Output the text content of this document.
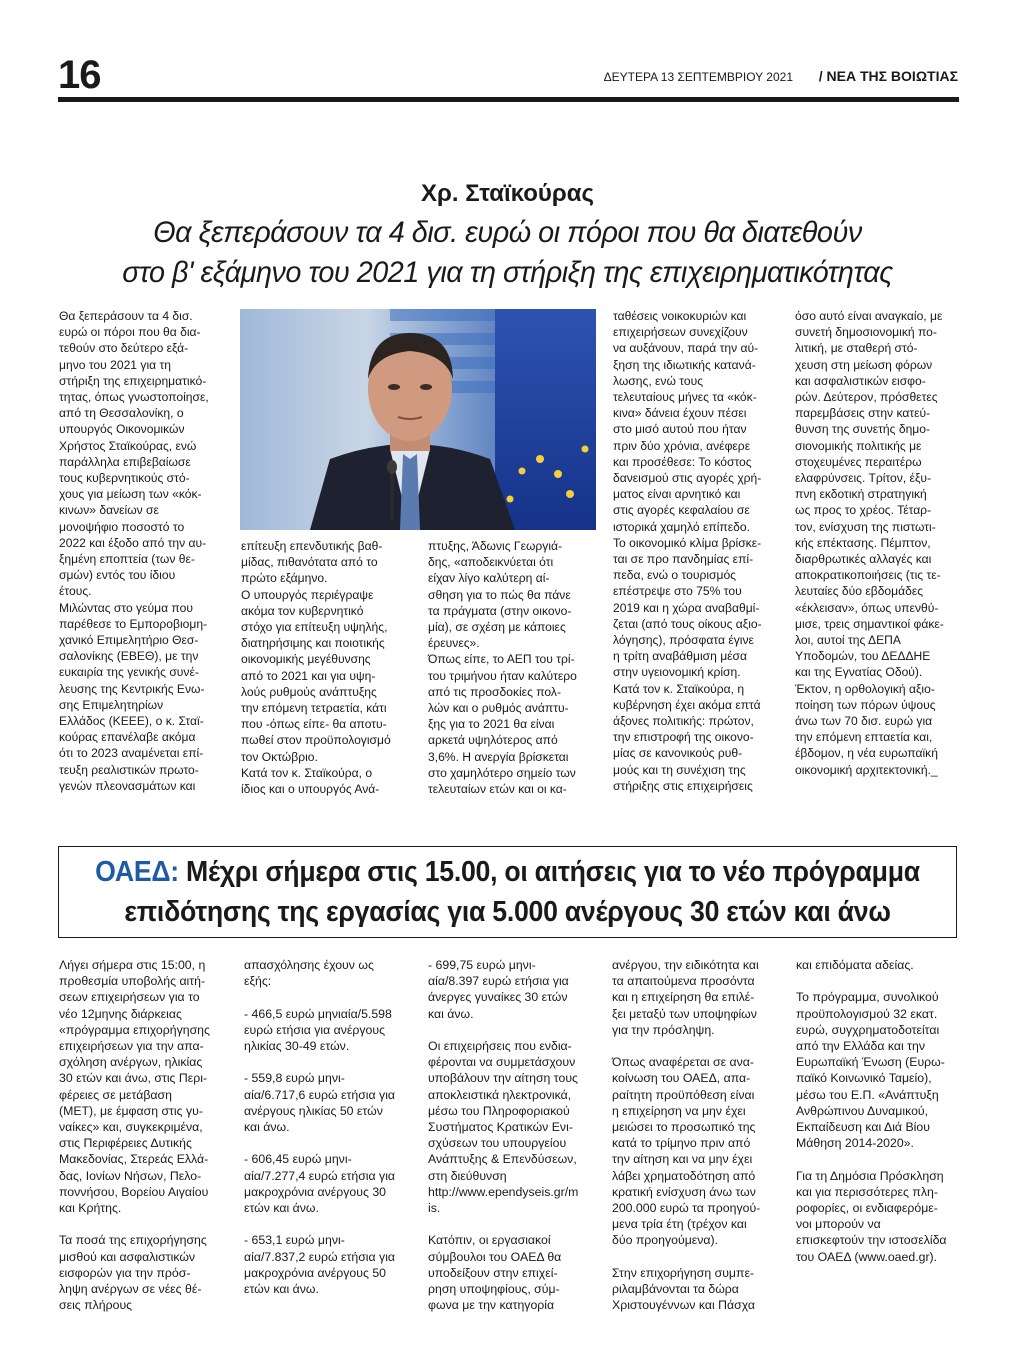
16	ΔΕΥΤΕΡΑ 13 ΣΕΠΤΕΜΒΡΙΟΥ 2021 / ΝΕΑ ΤΗΣ ΒΟΙΩΤΙΑΣ
Χρ. Σταϊκούρας
Θα ξεπεράσουν τα 4 δισ. ευρώ οι πόροι που θα διατεθούν
στο β' εξάμηνο του 2021 για τη στήριξη της επιχειρηματικότητας
Θα ξεπεράσουν τα 4 δισ.
ευρώ οι πόροι που θα δια-
τεθούν στο δεύτερο εξά-
μηνο του 2021 για τη
στήριξη της επιχειρηματικό-
τητας, όπως γνωστοποίησε,
από τη Θεσσαλονίκη, ο
υπουργός Οικονομικών
Χρήστος Σταϊκούρας, ενώ
παράλληλα επιβεβαίωσε
τους κυβερνητικούς στό-
χους για μείωση των «κόκ-
κινων» δανείων σε
μονοψήφιο ποσοστό το
2022 και έξοδο από την αυ-
ξημένη εποπτεία (των θε-
σμών) εντός του ίδιου
έτους.
Μιλώντας στο γεύμα που
παρέθεσε το Εμποροβιομη-
χανικό Επιμελητήριο Θεσ-
σαλονίκης (ΕΒΕΘ), με την
ευκαιρία της γενικής συνέ-
λευσης της Κεντρικής Ενω-
σης Επιμελητηρίων
Ελλάδος (ΚΕΕΕ), ο κ. Σταϊ-
κούρας επανέλαβε ακόμα
ότι το 2023 αναμένεται επί-
τευξη ρεαλιστικών πρωτο-
γενών πλεονασμάτων και
επίτευξη επενδυτικής βαθ-
μίδας, πιθανότατα από το
πρώτο εξάμηνο.
Ο υπουργός περιέγραψε
ακόμα τον κυβερνητικό
στόχο για επίτευξη υψηλής,
διατηρήσιμης και ποιοτικής
οικονομικής μεγέθυνσης
από το 2021 και για υψη-
λούς ρυθμούς ανάπτυξης
την επόμενη τετραετία, κάτι
που -όπως είπε- θα αποτυ-
πωθεί στον προϋπολογισμό
τον Οκτώβριο.
Κατά τον κ. Σταϊκούρα, ο
ίδιος και ο υπουργός Ανά-
πτυξης, Άδωνις Γεωργιά-
δης, «αποδεικνύεται ότι
είχαν λίγο καλύτερη αί-
σθηση για το πώς θα πάνε
τα πράγματα (στην οικονο-
μία), σε σχέση με κάποιες
έρευνες».
Όπως είπε, το ΑΕΠ του τρί-
του τριμήνου ήταν καλύτερο
από τις προσδοκίες πολ-
λών και ο ρυθμός ανάπτυ-
ξης για το 2021 θα είναι
αρκετά υψηλότερος από
3,6%. Η ανεργία βρίσκεται
στο χαμηλότερο σημείο των
τελευταίων ετών και οι κα-
ταθέσεις νοικοκυριών και
επιχειρήσεων συνεχίζουν
να αυξάνουν, παρά την αύ-
ξηση της ιδιωτικής κατανά-
λωσης, ενώ τους
τελευταίους μήνες τα «κόκ-
κινα» δάνεια έχουν πέσει
στο μισό αυτού που ήταν
πριν δύο χρόνια, ανέφερε
και προσέθεσε: Το κόστος
δανεισμού στις αγορές χρή-
ματος είναι αρνητικό και
στις αγορές κεφαλαίου σε
ιστορικά χαμηλό επίπεδο.
Το οικονομικό κλίμα βρίσκε-
ται σε προ πανδημίας επί-
πεδα, ενώ ο τουρισμός
επέστρεψε στο 75% του
2019 και η χώρα αναβαθμί-
ζεται (από τους οίκους αξιο-
λόγησης), πρόσφατα έγινε
η τρίτη αναβάθμιση μέσα
στην υγειονομική κρίση.
Κατά τον κ. Σταϊκούρα, η
κυβέρνηση έχει ακόμα επτά
άξονες πολιτικής: πρώτον,
την επιστροφή της οικονο-
μίας σε κανονικούς ρυθ-
μούς και τη συνέχιση της
στήριξης στις επιχειρήσεις
όσο αυτό είναι αναγκαίο, με
συνετή δημοσιονομική πο-
λιτική, με σταθερή στό-
χευση στη μείωση φόρων
και ασφαλιστικών εισφο-
ρών. Δεύτερον, πρόσθετες
παρεμβάσεις στην κατεύ-
θυνση της συνετής δημο-
σιονομικής πολιτικής με
στοχευμένες περαιτέρω
ελαφρύνσεις. Τρίτον, έξυ-
πνη εκδοτική στρατηγική
ως προς το χρέος. Τέταρ-
τον, ενίσχυση της πιστωτι-
κής επέκτασης. Πέμπτον,
διαρθρωτικές αλλαγές και
αποκρατικοποιήσεις (τις τε-
λευταίες δύο εβδομάδες
«έκλεισαν», όπως υπενθύ-
μισε, τρεις σημαντικοί φάκε-
λοι, αυτοί της ΔΕΠΑ
Υποδομών, του ΔΕΔΔΗΕ
και της Εγνατίας Οδού).
Έκτον, η ορθολογική αξιο-
ποίηση των πόρων ύψους
άνω των 70 δισ. ευρώ για
την επόμενη επταετία και,
έβδομον, η νέα ευρωπαϊκή
οικονομική αρχιτεκτονική._
ΟΑΕΔ: Μέχρι σήμερα στις 15.00, οι αιτήσεις για το νέο πρόγραμμα
επιδότησης της εργασίας για 5.000 ανέργους 30 ετών και άνω
Λήγει σήμερα στις 15:00, η
προθεσμία υποβολής αιτή-
σεων επιχειρήσεων για το
νέο 12μηνης διάρκειας
«πρόγραμμα επιχορήγησης
επιχειρήσεων για την απα-
σχόληση ανέργων, ηλικίας
30 ετών και άνω, στις Περι-
φέρειες σε μετάβαση
(ΜΕΤ), με έμφαση στις γυ-
ναίκες» και, συγκεκριμένα,
στις Περιφέρειες Δυτικής
Μακεδονίας, Στερεάς Ελλά-
δας, Ιονίων Νήσων, Πελο-
ποννήσου, Βορείου Αιγαίου
και Κρήτης.

Τα ποσά της επιχορήγησης
μισθού και ασφαλιστικών
εισφορών για την πρόσ-
ληψη ανέργων σε νέες θέ-
σεις πλήρους
απασχόλησης έχουν ως
εξής:

- 466,5 ευρώ μηνιαία/5.598
ευρώ ετήσια για ανέργους
ηλικίας 30-49 ετών.

- 559,8 ευρώ μηνι-
αία/6.717,6 ευρώ ετήσια για
ανέργους ηλικίας 50 ετών
και άνω.

- 606,45 ευρώ μηνι-
αία/7.277,4 ευρώ ετήσια για
μακροχρόνια ανέργους 30
ετών και άνω.

- 653,1 ευρώ μηνι-
αία/7.837,2 ευρώ ετήσια για
μακροχρόνια ανέργους 50
ετών και άνω.
- 699,75 ευρώ μηνι-
αία/8.397 ευρώ ετήσια για
άνεργες γυναίκες 30 ετών
και άνω.

Οι επιχειρήσεις που ενδια-
φέρονται να συμμετάσχουν
υποβάλουν την αίτηση τους
αποκλειστικά ηλεκτρονικά,
μέσω του Πληροφοριακού
Συστήματος Κρατικών Ενι-
σχύσεων του υπουργείου
Ανάπτυξης & Επενδύσεων,
στη διεύθυνση
http://www.ependyseis.gr/m
is.

Κατόπιν, οι εργασιακοί
σύμβουλοι του ΟΑΕΔ θα
υποδείξουν στην επιχεί-
ρηση υποψηφίους, σύμ-
φωνα με την κατηγορία
ανέργου, την ειδικότητα και
τα απαιτούμενα προσόντα
και η επιχείρηση θα επιλέ-
ξει μεταξύ των υποψηφίων
για την πρόσληψη.

Όπως αναφέρεται σε ανα-
κοίνωση του ΟΑΕΔ, απα-
ραίτητη προϋπόθεση είναι
η επιχείρηση να μην έχει
μειώσει το προσωπικό της
κατά το τρίμηνο πριν από
την αίτηση και να μην έχει
λάβει χρηματοδότηση από
κρατική ενίσχυση άνω των
200.000 ευρώ τα προηγού-
μενα τρία έτη (τρέχον και
δύο προηγούμενα).

Στην επιχορήγηση συμπε-
ριλαμβάνονται τα δώρα
Χριστουγέννων και Πάσχα
και επιδόματα αδείας.

Το πρόγραμμα, συνολικού
προϋπολογισμού 32 εκατ.
ευρώ, συγχρηματοδοτείται
από την Ελλάδα και την
Ευρωπαϊκή Ένωση (Ευρω-
παϊκό Κοινωνικό Ταμείο),
μέσω του Ε.Π. «Ανάπτυξη
Ανθρώπινου Δυναμικού,
Εκπαίδευση και Διά Βίου
Μάθηση 2014-2020».

Για τη Δημόσια Πρόσκληση
και για περισσότερες πλη-
ροφορίες, οι ενδιαφερόμε-
νοι μπορούν να
επισκεφτούν την ιστοσελίδα
του ΟΑΕΔ (www.oaed.gr).
